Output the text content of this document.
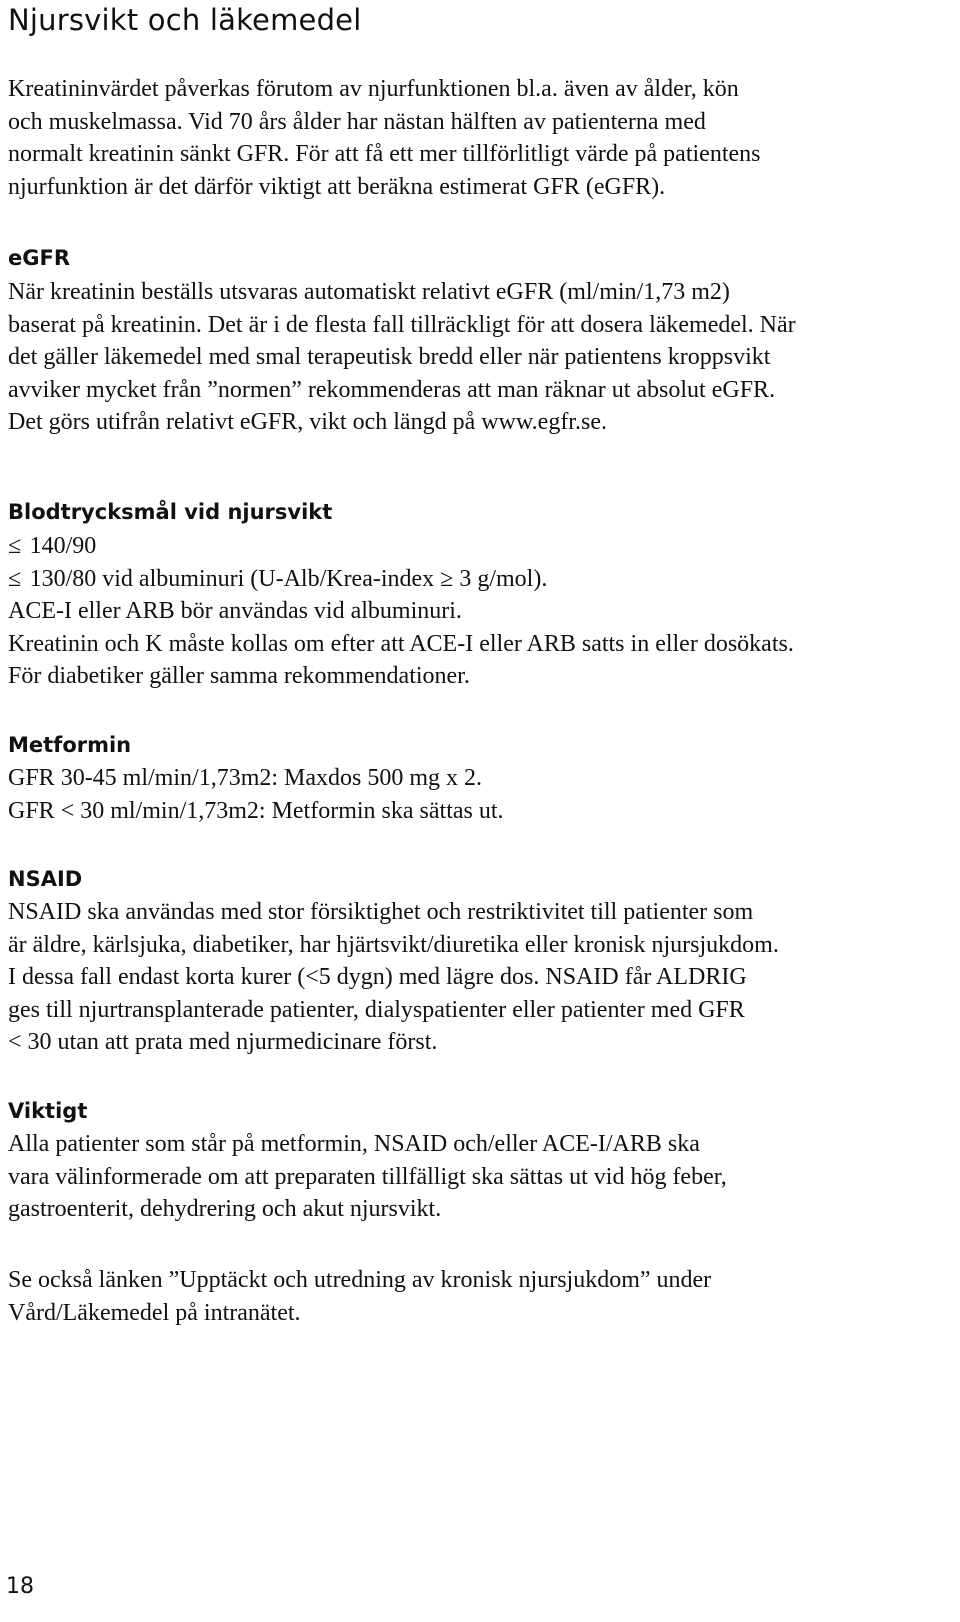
Njursvikt och läkemedel

Kreatininvärdet påverkas förutom av njurfunktionen bl.a. även av ålder, kön

och muskelmassa. Vid 70 års ålder har nästan hälften av patienterna med

normalt kreatinin sänkt GFR. För att få ett mer tillförlitligt värde på patientens

njurfunktion är det därför viktigt att beräkna estimerat GFR (eGFR).

eGFR

När kreatinin beställs utsvaras automatiskt relativt eGFR (ml/min/1,73 m2)

baserat på kreatinin. Det är i de flesta fall tillräckligt för att dosera läkemedel. När

det gäller läkemedel med smal terapeutisk bredd eller när patientens kroppsvikt

avviker mycket från ”normen” rekommenderas att man räknar ut absolut eGFR.

Det görs utifrån relativt eGFR, vikt och längd på www.egfr.se.

Blodtrycksmål vid njursvikt

≤ 140/90

≤ 130/80 vid albuminuri (U-Alb/Krea-index ≥ 3 g/mol).

ACE-I eller ARB bör användas vid albuminuri.

Kreatinin och K måste kollas om efter att ACE-I eller ARB satts in eller dosökats.

För diabetiker gäller samma rekommendationer.

Metformin

GFR 30-45 ml/min/1,73m2: Maxdos 500 mg x 2.

GFR < 30 ml/min/1,73m2: Metformin ska sättas ut.

NSAID

NSAID ska användas med stor försiktighet och restriktivitet till patienter som

är äldre, kärlsjuka, diabetiker, har hjärtsvikt/diuretika eller kronisk njursjukdom.

I dessa fall endast korta kurer (<5 dygn) med lägre dos. NSAID får ALDRIG

ges till njurtransplanterade patienter, dialyspatienter eller patienter med GFR

< 30 utan att prata med njurmedicinare först.

Viktigt

Alla patienter som står på metformin, NSAID och/eller ACE-I/ARB ska

vara välinformerade om att preparaten tillfälligt ska sättas ut vid hög feber,

gastroenterit, dehydrering och akut njursvikt.

Se också länken ”Upptäckt och utredning av kronisk njursjukdom” under

Vård/Läkemedel på intranätet.

18
